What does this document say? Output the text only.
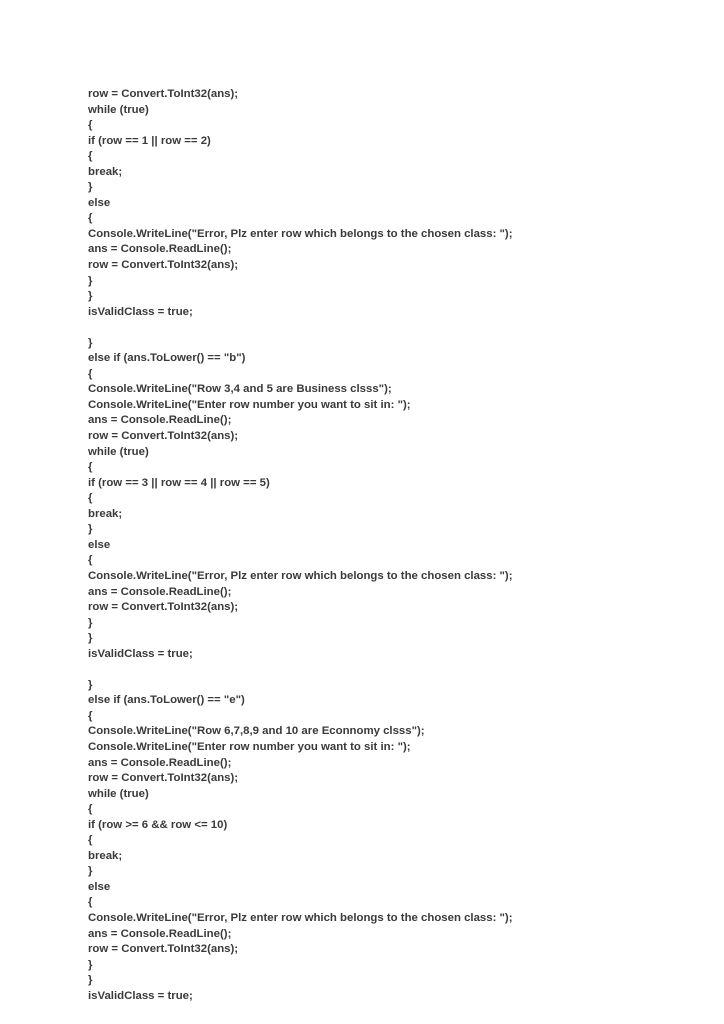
row = Convert.ToInt32(ans);
while (true)
{
if (row == 1 || row == 2)
{
break;
}
else
{
Console.WriteLine("Error, Plz enter row which belongs to the chosen class: ");
ans = Console.ReadLine();
row = Convert.ToInt32(ans);
}
}
isValidClass = true;
}
else if (ans.ToLower() == "b")
{
Console.WriteLine("Row 3,4 and 5 are Business clsss");
Console.WriteLine("Enter row number you want to sit in: ");
ans = Console.ReadLine();
row = Convert.ToInt32(ans);
while (true)
{
if (row == 3 || row == 4 || row == 5)
{
break;
}
else
{
Console.WriteLine("Error, Plz enter row which belongs to the chosen class: ");
ans = Console.ReadLine();
row = Convert.ToInt32(ans);
}
}
isValidClass = true;
}
else if (ans.ToLower() == "e")
{
Console.WriteLine("Row 6,7,8,9 and 10 are Econnomy clsss");
Console.WriteLine("Enter row number you want to sit in: ");
ans = Console.ReadLine();
row = Convert.ToInt32(ans);
while (true)
{
if (row >= 6 && row <= 10)
{
break;
}
else
{
Console.WriteLine("Error, Plz enter row which belongs to the chosen class: ");
ans = Console.ReadLine();
row = Convert.ToInt32(ans);
}
}
isValidClass = true;
